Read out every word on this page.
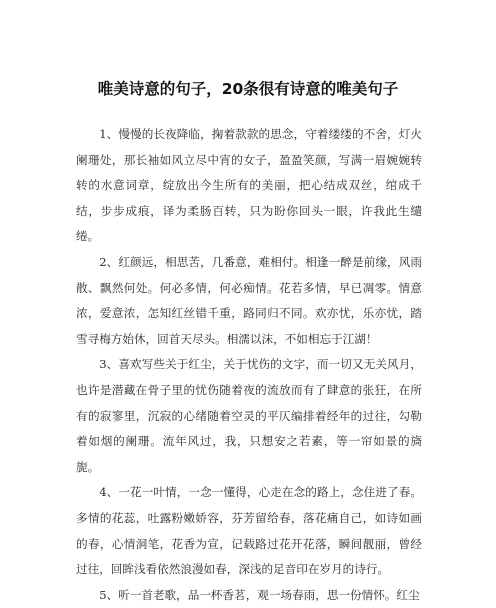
唯美诗意的句子，20条很有诗意的唯美句子

1、慢慢的长夜降临，掬着款款的思念，守着缕缕的不舍，灯火阑珊处，那长袖如风立尽中宵的女子，盈盈笑颜，写满一眉婉婉转转的水意词章，绽放出今生所有的美丽，把心结成双丝，绾成千结，步步成痕，译为柔肠百转，只为盼你回头一眼，许我此生缱绻。

2、红颜远，相思苦，几番意，难相付。相逢一醉是前缘，风雨散、飘然何处。何必多情，何必痴情。花若多情，早已凋零。情意浓，爱意浓，怎知红丝错千重，路同归不同。欢亦忧，乐亦忧，踏雪寻梅方始休，回首天尽头。相濡以沫，不如相忘于江湖！

3、喜欢写些关于红尘，关于忧伤的文字，而一切又无关风月，也许是潜藏在骨子里的忧伤随着夜的流放而有了肆意的张狂，在所有的寂寥里，沉寂的心绪随着空灵的平仄编排着经年的过往，勾勒着如烟的阑珊。流年风过，我，只想安之若素，等一帘如景的旖旎。

4、一花一叶情，一念一懂得，心走在念的路上，念住进了春。多情的花蕊，吐露粉嫩娇容，芬芳留给春，落花痛自己，如诗如画的春，心情洞笔，花香为宣，记载路过花开花落，瞬间靓丽，曾经过往，回眸浅看依然浪漫如春，深浅的足音印在岁月的诗行。

5、听一首老歌，品一杯香茗，观一场春雨，思一份情怀。红尘
